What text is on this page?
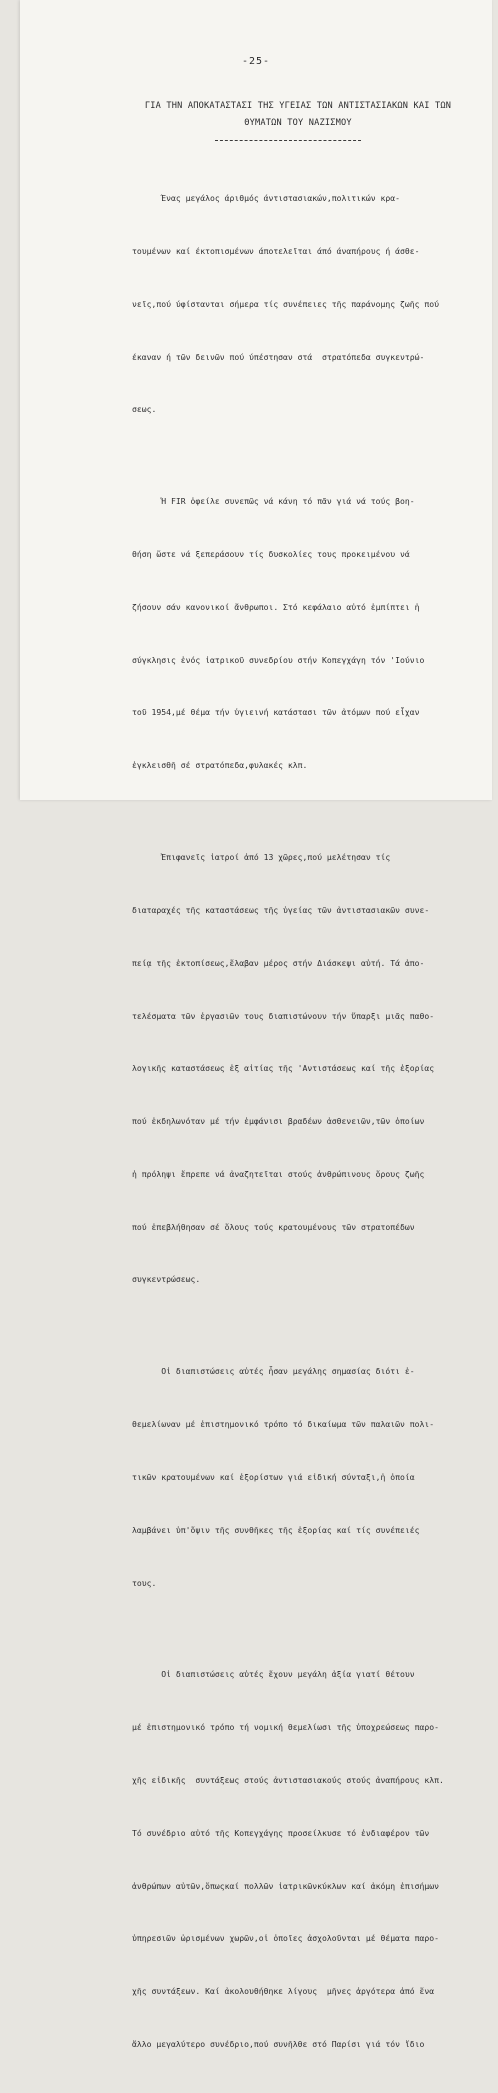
-25-
ΓΙΑ ΤΗΝ ΑΠΟΚΑΤΑΣΤΑΣΙ ΤΗΣ ΥΓΕΙΑΣ ΤΩΝ ΑΝΤΙΣΤΑΣΙΑΚΩΝ ΚΑΙ ΤΩΝ
ΘΥΜΑΤΩΝ ΤΟΥ ΝΑΖΙΣΜΟΥ

Ένας μεγάλος άριθμός άντιστασιακών,πολιτικών κρα-

τουμένων καί έκτοπισμένων άποτελεῖται άπό άναπήρους ή άσθε-

νεῖς,πού ύφίστανται σήμερα τίς συνέπειες τῆς παράνομης ζωῆς πού

έκαναν ή τῶν δεινῶν πού ύπέστησαν στά  στρατόπεδα συγκεντρώ-

σεως.

Ἡ FIR ὀφείλε συνεπῶς νά κάνη τό πᾶν γιά νά τούς βοη-

θήση ὥστε νά ξεπεράσουν τίς δυσκολίες τους προκειμένου νά

ζήσουν σάν κανονικοί ἄνθρωποι. Στό κεφάλαιο αὐτό ἐμπίπτει ἡ

σύγκλησις ἑνός ἰατρικοῦ συνεδρίου στήν Κοπεγχάγη τόν 'Ιούνιο

τοῦ 1954,μέ θέμα τήν ὑγιεινή κατάστασι τῶν ἀτόμων πού εἶχαν

ἐγκλεισθῆ σέ στρατόπεδα,φυλακές κλπ.

Ἐπιφανεῖς ἰατροί ἀπό 13 χῶρες,πού μελέτησαν τίς

διαταραχές τῆς καταστάσεως τῆς ὑγείας τῶν ἀντιστασιακῶν συνε-

πείᾳ τῆς ἐκτοπίσεως,ἔλαβαν μέρος στήν Διάσκεψι αὐτή. Τά ἀπο-

τελέσματα τῶν ἐργασιῶν τους διαπιστώνουν τήν ὕπαρξι μιᾶς παθο-

λογικῆς καταστάσεως ἐξ αἰτίας τῆς 'Αντιστάσεως καί τῆς ἐξορίας

πού ἐκδηλωνόταν μέ τήν ἐμφάνισι βραδέων ἀσθενειῶν,τῶν ὁποίων

ἡ πρόληψι ἔπρεπε νά ἀναζητεῖται στούς ἀνθρώπινους ὅρους ζωῆς

πού ἐπεβλήθησαν σέ ὅλους τούς κρατουμένους τῶν στρατοπέδων

συγκεντρώσεως.

Οἱ διαπιστώσεις αὐτές ἦσαν μεγάλης σημασίας διότι ἐ-

θεμελίωναν μέ ἐπιστημονικό τρόπο τό δικαίωμα τῶν παλαιῶν πολι-

τικῶν κρατουμένων καί ἐξορίστων γιά εἰδική σύνταξι,ἡ ὁποία

λαμβάνει ὑπ'ὄψιν τῆς συνθῆκες τῆς ἐξορίας καί τίς συνέπειές

τους.

Οἱ διαπιστώσεις αὐτές ἔχουν μεγάλη ἀξία γιατί θέτουν

μέ ἐπιστημονικό τρόπο τή νομική θεμελίωσι τῆς ὑποχρεώσεως παρο-

χῆς εἰδικῆς  συντάξεως στούς ἀντιστασιακούς στούς ἀναπήρους κλπ.

Τό συνέδριο αὐτό τῆς Κοπεγχάγης προσείλκυσε τό ἐνδιαφέρον τῶν

ἀνθρώπων αὐτῶν,ὅπωςκαί πολλῶν ἰατρικῶνκύκλων καί ἀκόμη ἐπισήμων

ὑπηρεσιῶν ὡρισμένων χωρῶν,οἱ ὁποῖες ἀσχολοῦνται μέ θέματα παρο-

χῆς συντάξεων. Καί ἀκολουθήθηκε λίγους  μῆνες ἀργότερα ἀπό ἕνα

ἄλλο μεγαλύτερο συνέδριο,πού συνῆλθε στό Παρίσι γιά τόν ἴδιο
